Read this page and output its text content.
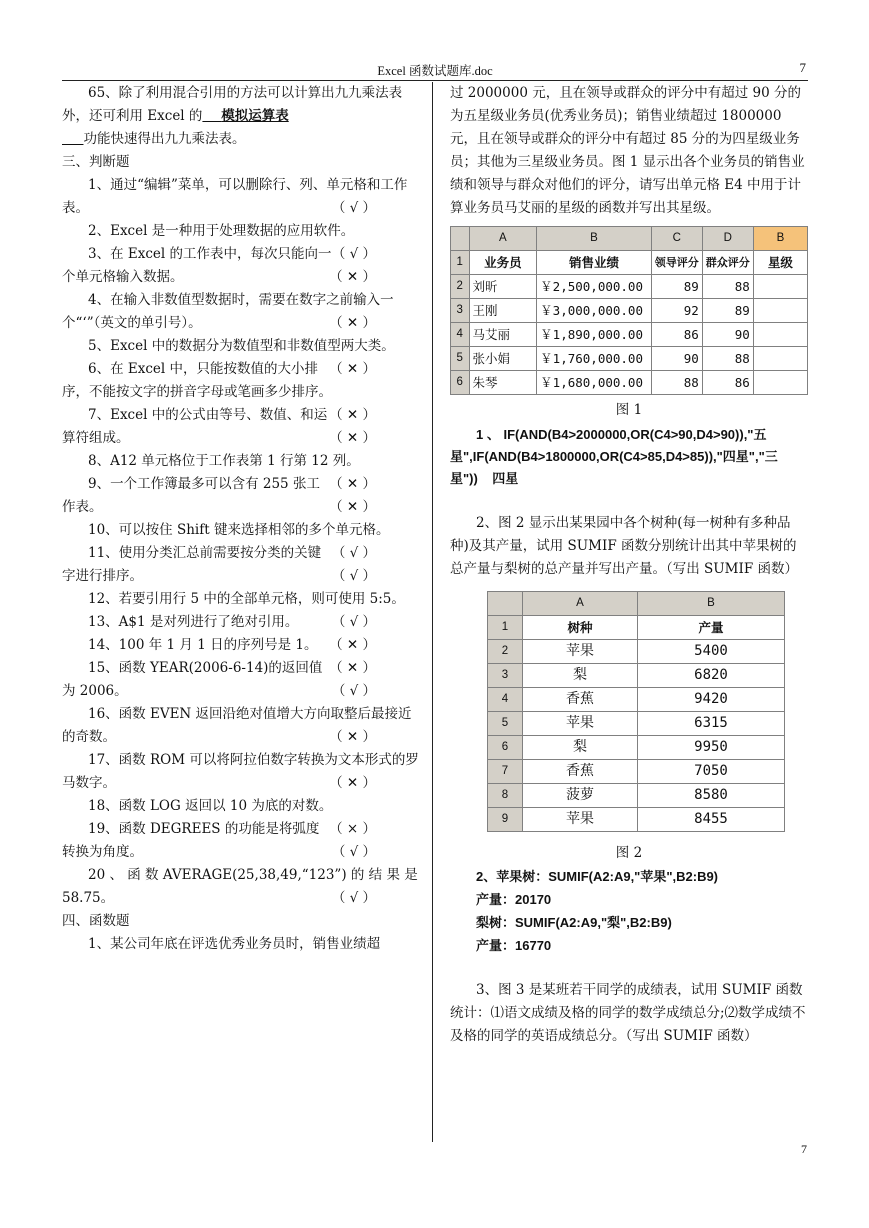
Excel 函数试题库.doc	7

65、除了利用混合引用的方法可以计算出九九乘法表外，还可利用 Excel 的 模拟运算表
功能快速得出九九乘法表。

三、判断题

1、通过“编辑”菜单，可以删除行、列、单元格和工作表。	（ √ ）

2、Excel 是一种用于处理数据的应用软件。
（ √ ）

3、在 Excel 的工作表中，每次只能向一个单元格输入数据。	（ ✕ ）

4、在输入非数值型数据时，需要在数字之前输入一个“‘”（英文的单引号）。	（ ✕ ）

5、Excel 中的数据分为数值型和非数值型两大类。
（ ✕ ）

6、在 Excel 中，只能按数值的大小排序，不能按文字的拼音字母或笔画多少排序。
（ ✕ ）

7、Excel 中的公式由等号、数值、和运算符组成。	（ ✕ ）

8、A12 单元格位于工作表第 1 行第 12 列。
（ ✕ ）

9、一个工作簿最多可以含有 255 张工作表。	（ ✕ ）

10、可以按住 Shift 键来选择相邻的多个单元格。
（ √ ）

11、使用分类汇总前需要按分类的关键字进行排序。	（ √ ）

12、若要引用行 5 中的全部单元格，则可使用 5:5。
（ √ ）

13、A$1 是对列进行了绝对引用。
（ ✕ ）

14、100 年 1 月 1 日的序列号是 1。
（ ✕ ）

15、函数 YEAR(2006-6-14)的返回值为 2006。	（ √ ）

16、函数 EVEN 返回沿绝对值增大方向取整后最接近的奇数。	（ ✕ ）

17、函数 ROM 可以将阿拉伯数字转换为文本形式的罗马数字。	（ ✕ ）

18、函数 LOG 返回以 10 为底的对数。
（ × ）

19、函数 DEGREES 的功能是将弧度转换为角度。	（ √ ）

20 、 函 数 AVERAGE(25,38,49,“123”) 的 结 果 是 58.75。	（ √ ）

四、函数题

1、某公司年底在评选优秀业务员时，销售业绩超

过 2000000 元，且在领导或群众的评分中有超过 90 分的为五星级业务员(优秀业务员)；销售业绩超过 1800000 元，且在领导或群众的评分中有超过 85 分的为四星级业务员；其他为三星级业务员。图 1 显示出各个业务员的销售业绩和领导与群众对他们的评分，请写出单元格 E4 中用于计算业务员马艾丽的星级的函数并写出其星级。

	A	B	C	D	B
1	业务员	销售业绩	领导评分	群众评分	星级
2	刘昕	￥2,500,000.00	89	88	
3	王刚	￥3,000,000.00	92	89	
4	马艾丽	￥1,890,000.00	86	90	
5	张小娟	￥1,760,000.00	90	88	
6	朱琴	￥1,680,000.00	88	86	

图 1

1 、 IF(AND(B4>2000000,OR(C4>90,D4>90)),"五星",IF(AND(B4>1800000,OR(C4>85,D4>85)),"四星","三星")) 四星

2、图 2 显示出某果园中各个树种(每一树种有多种品种)及其产量，试用 SUMIF 函数分别统计出其中苹果树的总产量与梨树的总产量并写出产量。（写出 SUMIF 函数）

	A	B
1	树种	产量
2	苹果	5400
3	梨	6820
4	香蕉	9420
5	苹果	6315
6	梨	9950
7	香蕉	7050
8	菠萝	8580
9	苹果	8455

图 2

2、苹果树：SUMIF(A2:A9,"苹果",B2:B9)
产量：20170
梨树：SUMIF(A2:A9,"梨",B2:B9)
产量：16770

3、图 3 是某班若干同学的成绩表，试用 SUMIF 函数统计：⑴语文成绩及格的同学的数学成绩总分;⑵数学成绩不及格的同学的英语成绩总分。（写出 SUMIF 函数）

7
